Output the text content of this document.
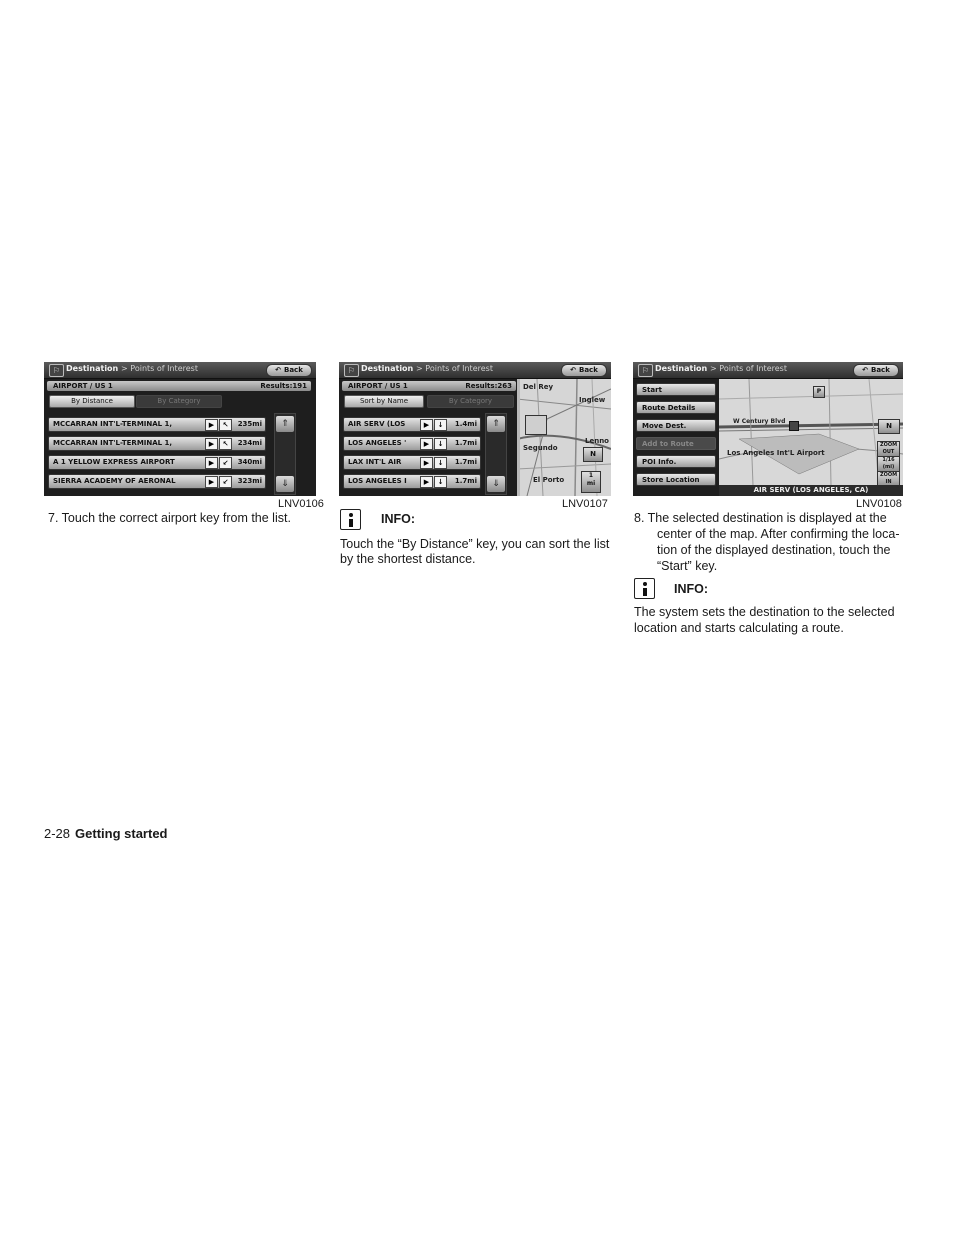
⚐ Destination > Points of Interest	↶ Back
AIRPORT / US 1	Results:191
By Distance	By Category
MCCARRAN INT'L-TERMINAL 1,	▶	↖	235mi
MCCARRAN INT'L-TERMINAL 1,	▶	↖	234mi
A 1 YELLOW EXPRESS AIRPORT	▶	↙	340mi
SIERRA ACADEMY OF AERONAL	▶	↙	323mi
⇑
⇓
LNV0106
⚐ Destination > Points of Interest	↶ Back
AIRPORT / US 1	Results:263
Sort by Name	By Category
AIR SERV (LOS	▶	↓	1.4mi
LOS ANGELES '	▶	↓	1.7mi
LAX INT'L AIR	▶	↓	1.7mi
LOS ANGELES I	▶	↓	1.7mi
⇑
⇓
Del Rey
Inglew
Lenno
Segundo
El Porto
N
1
mi
LNV0107
⚐ Destination > Points of Interest	↶ Back
W Century Blvd
Los Angeles Int'L Airport
P
N
ZOOM OUT
1/16
(mi)
ZOOM IN
Start
Route Details
Move Dest.
Add to Route
POI Info.
Store Location
AIR SERV (LOS ANGELES, CA)
LNV0108
7. Touch the correct airport key from the list.	INFO:
Touch the “By Distance” key, you can sort the list
by the shortest distance.
8. The selected destination is displayed at the
center of the map. After confirming the loca-
tion of the displayed destination, touch the
“Start” key.
INFO:
The system sets the destination to the selected
location and starts calculating a route.
2-28 Getting started
